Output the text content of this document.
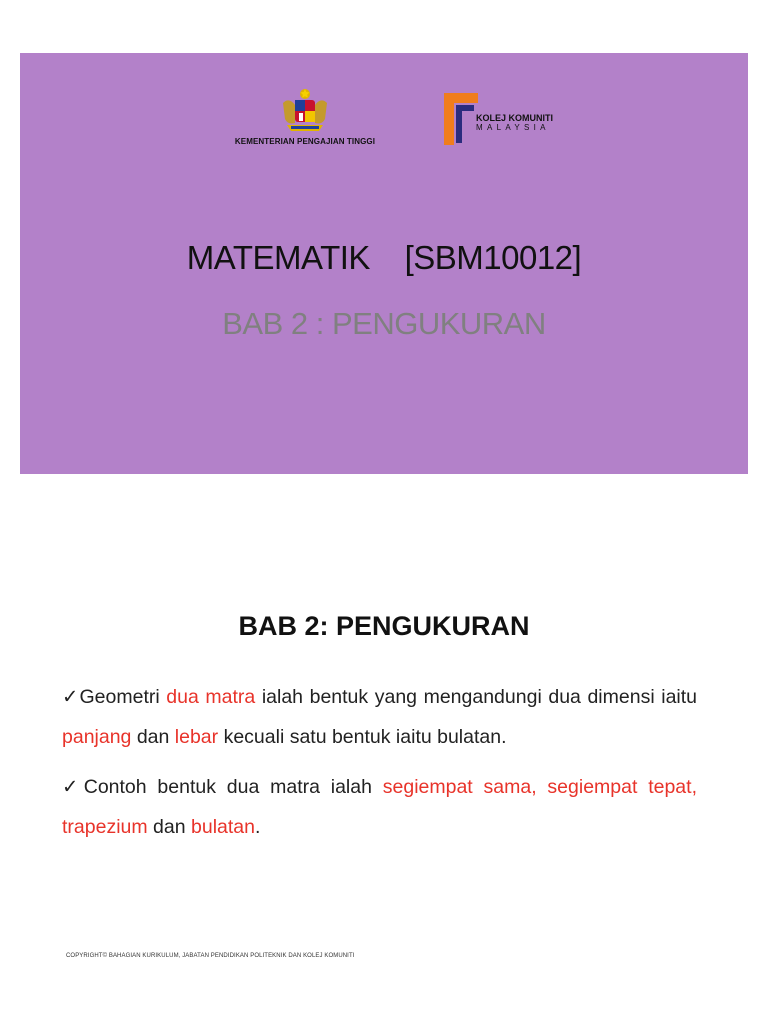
KEMENTERIAN PENGAJIAN TINGGI
KOLEJ KOMUNITI
MALAYSIA
MATEMATIK    [SBM10012]
BAB 2 : PENGUKURAN
BAB 2: PENGUKURAN
✓Geometri dua matra ialah bentuk yang mengandungi dua dimensi iaitu panjang dan lebar kecuali satu bentuk iaitu bulatan.
✓Contoh bentuk dua matra ialah segiempat sama, segiempat tepat, trapezium dan bulatan.
COPYRIGHT© BAHAGIAN KURIKULUM, JABATAN PENDIDIKAN POLITEKNIK DAN KOLEJ KOMUNITI
